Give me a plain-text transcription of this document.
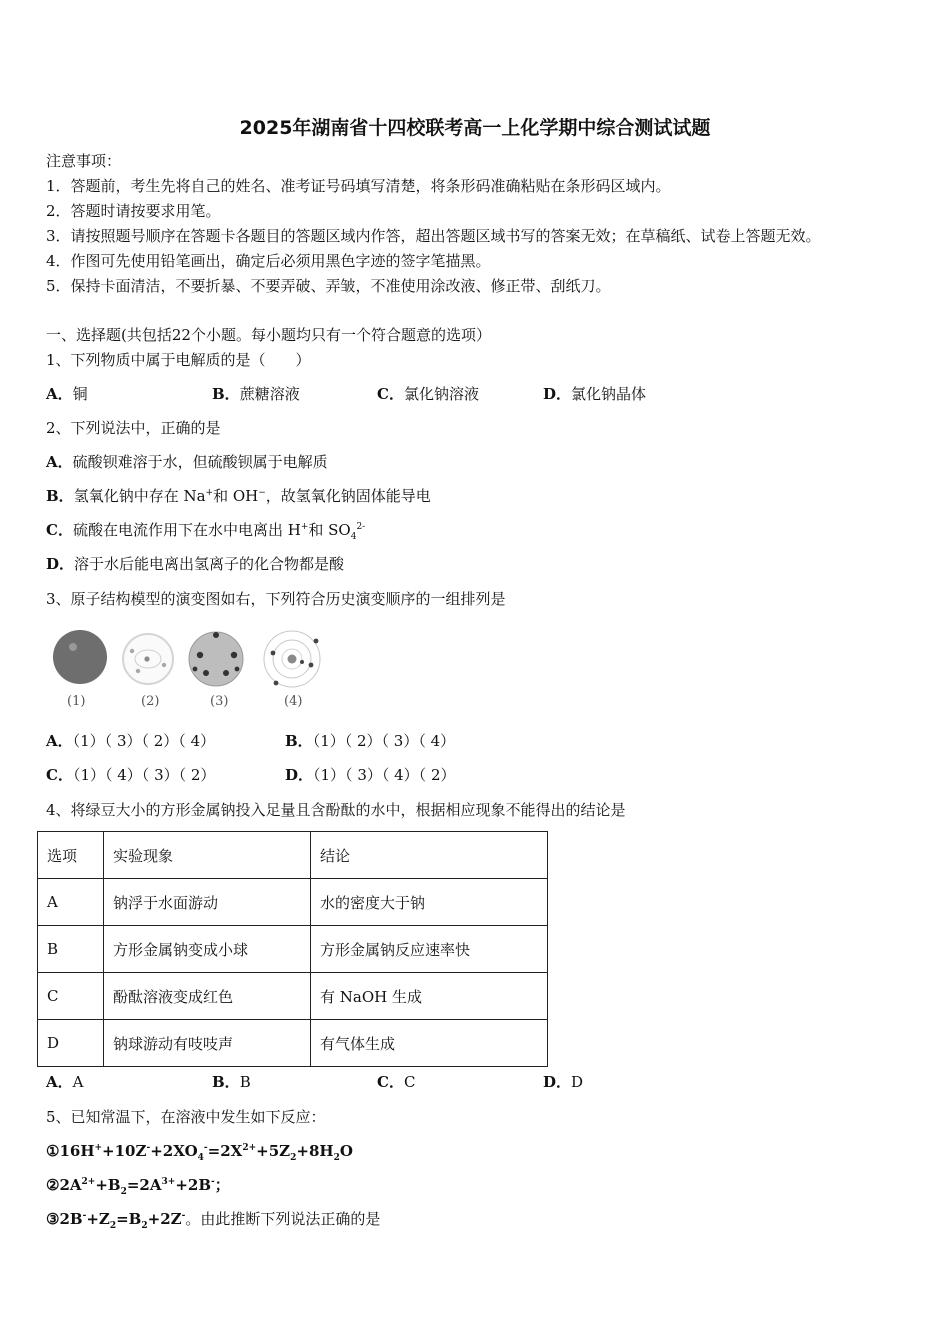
2025年湖南省十四校联考高一上化学期中综合测试试题
注意事项：
1．答题前，考生先将自己的姓名、准考证号码填写清楚，将条形码准确粘贴在条形码区域内。
2．答题时请按要求用笔。
3．请按照题号顺序在答题卡各题目的答题区域内作答，超出答题区域书写的答案无效；在草稿纸、试卷上答题无效。
4．作图可先使用铅笔画出，确定后必须用黑色字迹的签字笔描黑。
5．保持卡面清洁，不要折暴、不要弄破、弄皱，不准使用涂改液、修正带、刮纸刀。
一、选择题(共包括22个小题。每小题均只有一个符合题意的选项）
1、下列物质中属于电解质的是（　　）
A．铜	B．蔗糖溶液	C．氯化钠溶液	D．氯化钠晶体
2、下列说法中，正确的是
A．硫酸钡难溶于水，但硫酸钡属于电解质
B．氢氧化钠中存在 Na+和 OH−，故氢氧化钠固体能导电
C．硫酸在电流作用下在水中电离出 H+和 $SO_4^{2-}$
D．溶于水后能电离出氢离子的化合物都是酸
3、原子结构模型的演变图如右，下列符合历史演变顺序的一组排列是
(1)	(2)	(3)	(4)
A．（1）（ 3）（ 2）（ 4）	B．（1）（ 2）（ 3）（ 4）
C．（1）（ 4）（ 3）（ 2）	D．（1）（ 3）（ 4）（ 2）
4、将绿豆大小的方形金属钠投入足量且含酚酞的水中，根据相应现象不能得出的结论是
选项	实验现象	结论
A	钠浮于水面游动	水的密度大于钠
B	方形金属钠变成小球	方形金属钠反应速率快
C	酚酞溶液变成红色	有 NaOH 生成
D	钠球游动有吱吱声	有气体生成
A．A	B．B	C．C	D．D
5、已知常温下，在溶液中发生如下反应：
$①16H^++10Z^-+2XO_4^-=2X^{2+}+5Z_2+8H_2O$
$②2A^{2+}+B_2=2A^{3+}+2B^-$；
$③2B^-+Z_2=B_2+2Z^-$。由此推断下列说法正确的是
